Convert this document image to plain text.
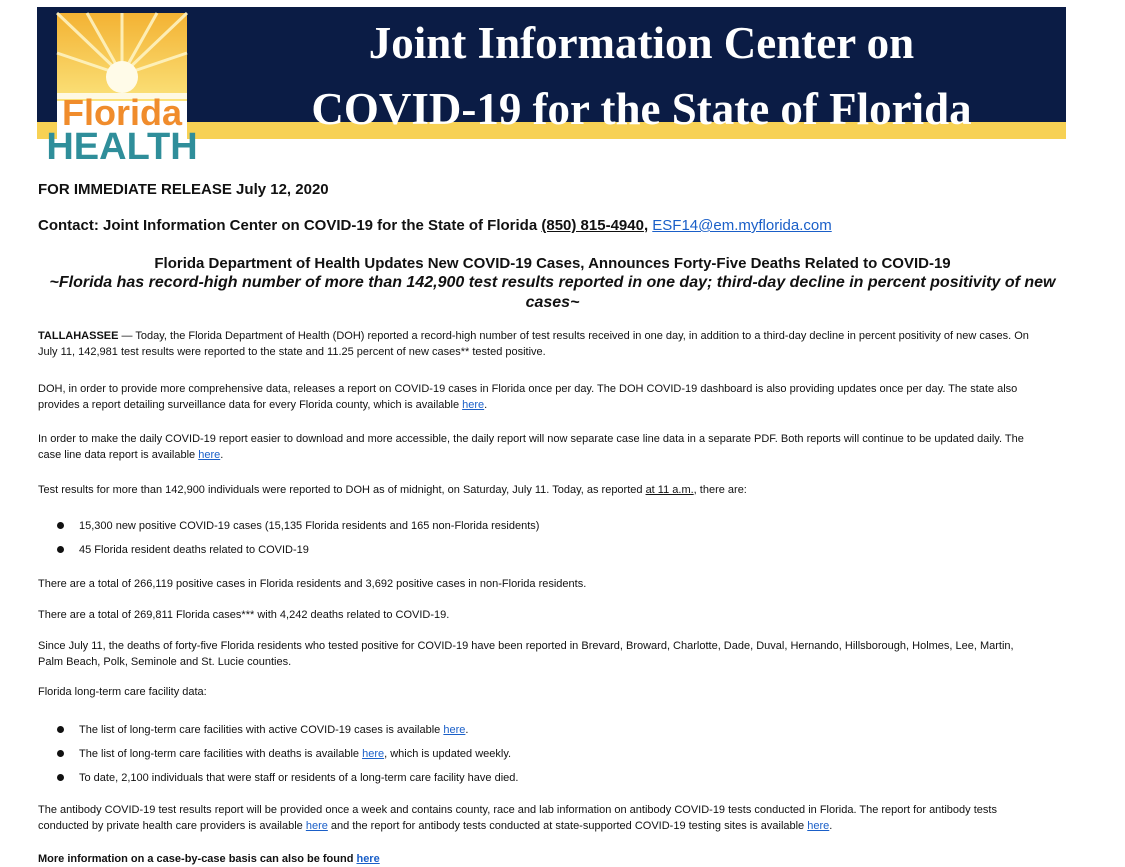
Florida
HEALTH
Joint Information Center on
COVID-19 for the State of Florida
FOR IMMEDIATE RELEASE July 12, 2020
Contact: Joint Information Center on COVID-19 for the State of Florida (850) 815-4940, ESF14@em.myflorida.com
Florida Department of Health Updates New COVID-19 Cases, Announces Forty-Five Deaths Related to COVID-19
~Florida has record-high number of more than 142,900 test results reported in one day; third-day decline in percent positivity of new cases~
TALLAHASSEE — Today, the Florida Department of Health (DOH) reported a record-high number of test results received in one day, in addition to a third-day decline in percent positivity of new cases. On July 11, 142,981 test results were reported to the state and 11.25 percent of new cases** tested positive.
DOH, in order to provide more comprehensive data, releases a report on COVID-19 cases in Florida once per day. The DOH COVID-19 dashboard is also providing updates once per day. The state also provides a report detailing surveillance data for every Florida county, which is available here.
In order to make the daily COVID-19 report easier to download and more accessible, the daily report will now separate case line data in a separate PDF. Both reports will continue to be updated daily. The case line data report is available here.
Test results for more than 142,900 individuals were reported to DOH as of midnight, on Saturday, July 11. Today, as reported at 11 a.m., there are:
15,300 new positive COVID-19 cases (15,135 Florida residents and 165 non-Florida residents)
45 Florida resident deaths related to COVID-19
There are a total of 266,119 positive cases in Florida residents and 3,692 positive cases in non-Florida residents.
There are a total of 269,811 Florida cases*** with 4,242 deaths related to COVID-19.
Since July 11, the deaths of forty-five Florida residents who tested positive for COVID-19 have been reported in Brevard, Broward, Charlotte, Dade, Duval, Hernando, Hillsborough, Holmes, Lee, Martin, Palm Beach, Polk, Seminole and St. Lucie counties.
Florida long-term care facility data:
The list of long-term care facilities with active COVID-19 cases is available here.
The list of long-term care facilities with deaths is available here, which is updated weekly.
To date, 2,100 individuals that were staff or residents of a long-term care facility have died.
The antibody COVID-19 test results report will be provided once a week and contains county, race and lab information on antibody COVID-19 tests conducted in Florida. The report for antibody tests conducted by private health care providers is available here and the report for antibody tests conducted at state-supported COVID-19 testing sites is available here.
More information on a case-by-case basis can also be found here
